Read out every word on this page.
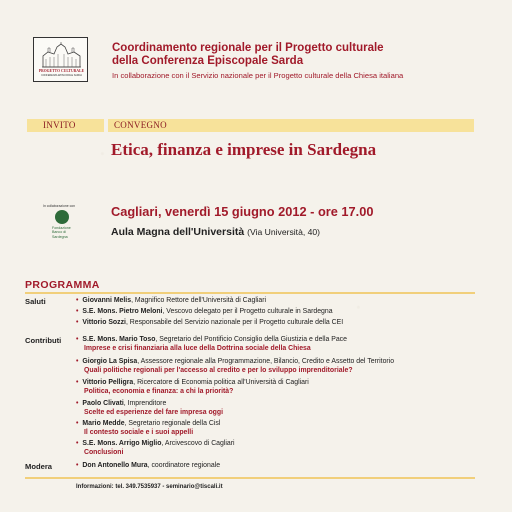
PROGETTO CULTURALE
CONFERENZA EPISCOPALE SARDA
Coordinamento regionale per il Progetto culturale
della Conferenza Episcopale Sarda
In collaborazione con il Servizio nazionale per il Progetto culturale della Chiesa italiana
INVITO	CONVEGNO
Etica, finanza e imprese in Sardegna
In collaborazione con
Fondazione
Banco di Sardegna
Cagliari, venerdì 15 giugno 2012 - ore 17.00
Aula Magna dell'Università (Via Università, 40)
PROGRAMMA
Saluti	• Giovanni Melis, Magnifico Rettore dell'Università di Cagliari
• S.E. Mons. Pietro Meloni, Vescovo delegato per il Progetto culturale in Sardegna
• Vittorio Sozzi, Responsabile del Servizio nazionale per il Progetto culturale della CEI
Contributi • S.E. Mons. Mario Toso, Segretario del Pontificio Consiglio della Giustizia e della Pace
Imprese e crisi finanziaria alla luce della Dottrina sociale della Chiesa
• Giorgio La Spisa, Assessore regionale alla Programmazione, Bilancio, Credito e Assetto del Territorio
Quali politiche regionali per l'accesso al credito e per lo sviluppo imprenditoriale?
• Vittorio Pelligra, Ricercatore di Economia politica all'Università di Cagliari
Politica, economia e finanza: a chi la priorità?
• Paolo Clivati, Imprenditore
Scelte ed esperienze del fare impresa oggi
• Mario Medde, Segretario regionale della Cisl
Il contesto sociale e i suoi appelli
• S.E. Mons. Arrigo Miglio, Arcivescovo di Cagliari
Conclusioni
Modera	• Don Antonello Mura, coordinatore regionale
Informazioni: tel. 349.7535937 - seminario@tiscali.it
